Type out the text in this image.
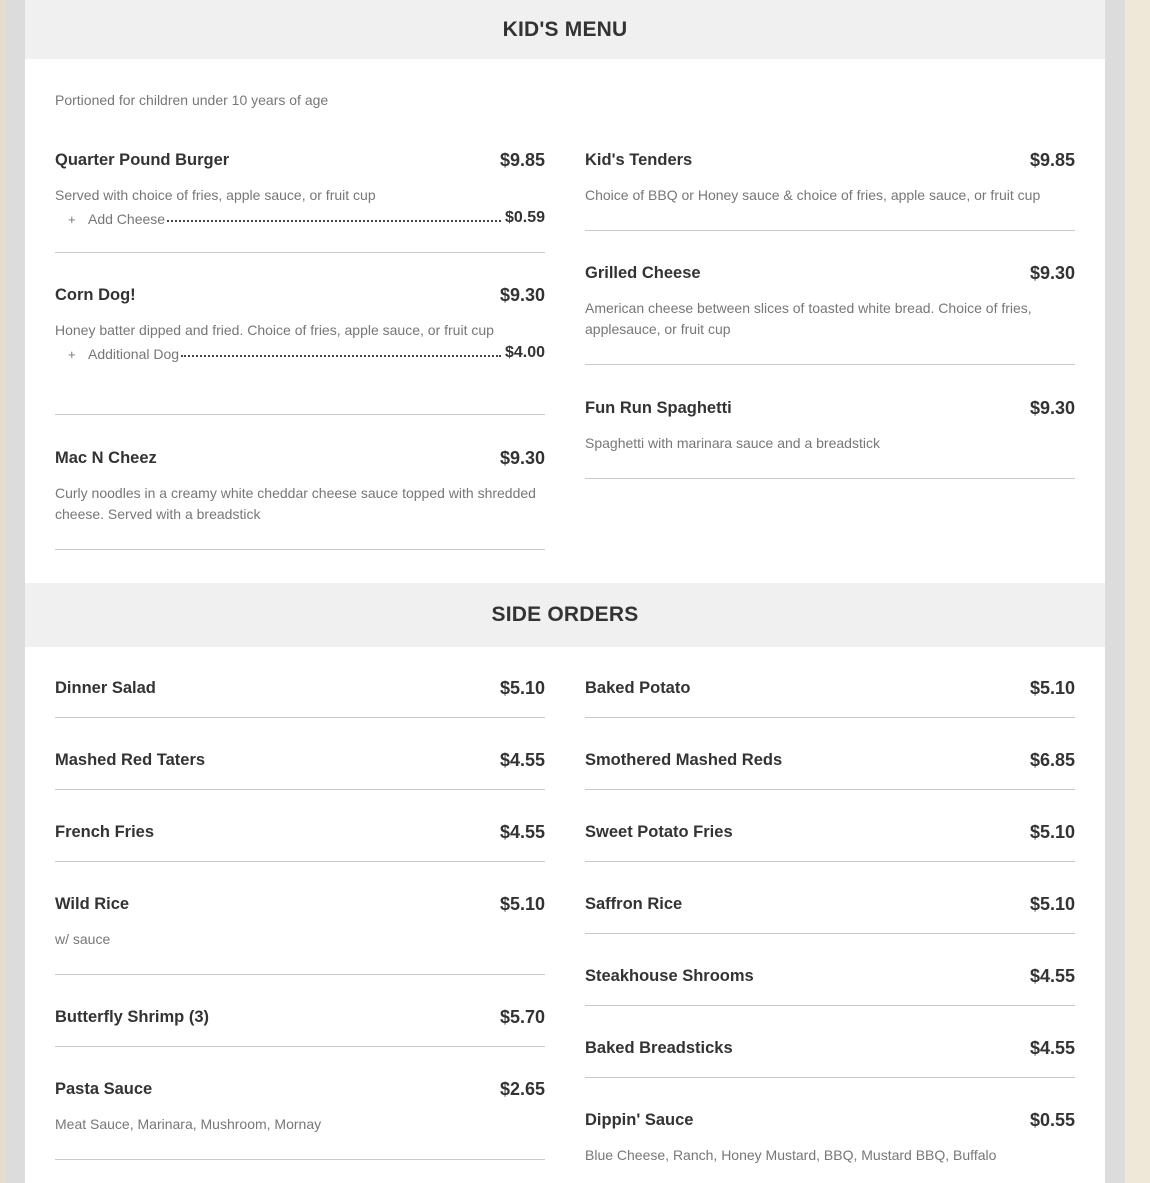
KID'S MENU
Portioned for children under 10 years of age
Quarter Pound Burger	$9.85
Served with choice of fries, apple sauce, or fruit cup
+ Add Cheese	$0.59
Corn Dog!	$9.30
Honey batter dipped and fried. Choice of fries, apple sauce, or fruit cup
+ Additional Dog	$4.00
Mac N Cheez	$9.30
Curly noodles in a creamy white cheddar cheese sauce topped with shredded cheese. Served with a breadstick
Kid's Tenders	$9.85
Choice of BBQ or Honey sauce & choice of fries, apple sauce, or fruit cup
Grilled Cheese	$9.30
American cheese between slices of toasted white bread. Choice of fries, applesauce, or fruit cup
Fun Run Spaghetti	$9.30
Spaghetti with marinara sauce and a breadstick
SIDE ORDERS
Dinner Salad	$5.10
Mashed Red Taters	$4.55
French Fries	$4.55
Wild Rice	$5.10
w/ sauce
Butterfly Shrimp (3)	$5.70
Pasta Sauce	$2.65
Meat Sauce, Marinara, Mushroom, Mornay
Baked Potato	$5.10
Smothered Mashed Reds	$6.85
Sweet Potato Fries	$5.10
Saffron Rice	$5.10
Steakhouse Shrooms	$4.55
Baked Breadsticks	$4.55
Dippin' Sauce	$0.55
Blue Cheese, Ranch, Honey Mustard, BBQ, Mustard BBQ, Buffalo
